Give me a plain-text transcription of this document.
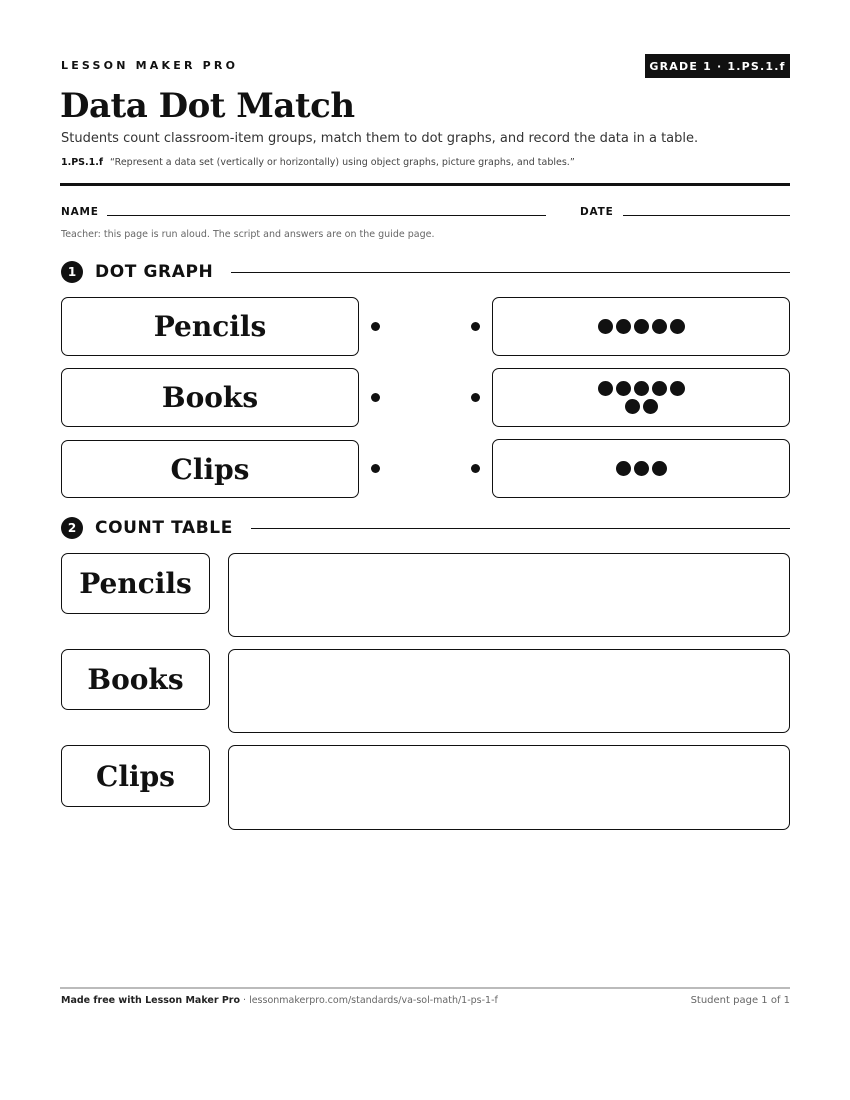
LESSON MAKER PRO	GRADE 1 · 1.PS.1.f
Data Dot Match

Students count classroom-item groups, match them to dot graphs, and record the data in a table.

1.PS.1.f “Represent a data set (vertically or horizontally) using object graphs, picture graphs, and tables.”

NAME	DATE

Teacher: this page is run aloud. The script and answers are on the guide page.

1	DOT GRAPH
Pencils
Books
Clips
2	COUNT TABLE
Pencils
Books
Clips

Made free with Lesson Maker Pro · lessonmakerpro.com/standards/va-sol-math/1-ps-1-f	Student page 1 of 1
